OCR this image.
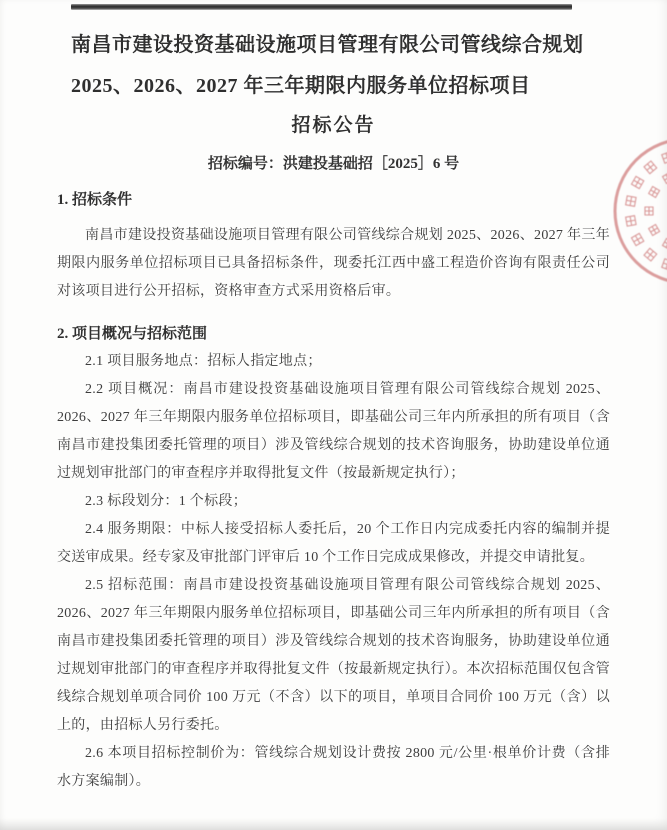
南昌市建设投资基础设施项目管理有限公司管线综合规划
2025、2026、2027 年三年期限内服务单位招标项目
招标公告
招标编号：洪建投基础招［2025］6 号
1. 招标条件

南昌市建设投资基础设施项目管理有限公司管线综合规划 2025、2026、2027 年三年期限内服务单位招标项目已具备招标条件，现委托江西中盛工程造价咨询有限责任公司对该项目进行公开招标，资格审查方式采用资格后审。

2. 项目概况与招标范围

2.1 项目服务地点：招标人指定地点；

2.2 项目概况：南昌市建设投资基础设施项目管理有限公司管线综合规划 2025、2026、2027 年三年期限内服务单位招标项目，即基础公司三年内所承担的所有项目（含南昌市建投集团委托管理的项目）涉及管线综合规划的技术咨询服务，协助建设单位通过规划审批部门的审查程序并取得批复文件（按最新规定执行）；

2.3 标段划分：1 个标段；

2.4 服务期限：中标人接受招标人委托后，20 个工作日内完成委托内容的编制并提交送审成果。经专家及审批部门评审后 10 个工作日完成成果修改，并提交申请批复。

2.5 招标范围：南昌市建设投资基础设施项目管理有限公司管线综合规划 2025、2026、2027 年三年期限内服务单位招标项目，即基础公司三年内所承担的所有项目（含南昌市建投集团委托管理的项目）涉及管线综合规划的技术咨询服务，协助建设单位通过规划审批部门的审查程序并取得批复文件（按最新规定执行）。本次招标范围仅包含管线综合规划单项合同价 100 万元（不含）以下的项目，单项目合同价 100 万元（含）以上的，由招标人另行委托。

2.6 本项目招标控制价为：管线综合规划设计费按 2800 元/公里·根单价计费（含排水方案编制）。
